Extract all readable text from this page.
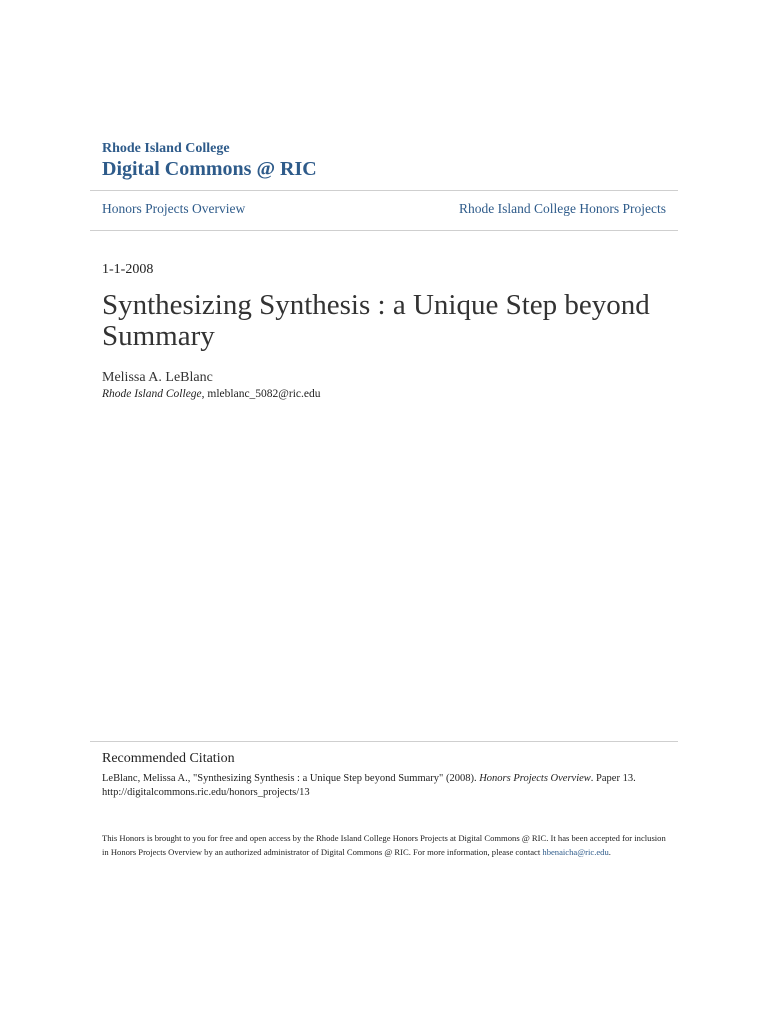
Rhode Island College
Digital Commons @ RIC
Honors Projects Overview	Rhode Island College Honors Projects
1-1-2008
Synthesizing Synthesis : a Unique Step beyond Summary
Melissa A. LeBlanc
Rhode Island College, mleblanc_5082@ric.edu
Recommended Citation
LeBlanc, Melissa A., "Synthesizing Synthesis : a Unique Step beyond Summary" (2008). Honors Projects Overview. Paper 13.
http://digitalcommons.ric.edu/honors_projects/13
This Honors is brought to you for free and open access by the Rhode Island College Honors Projects at Digital Commons @ RIC. It has been accepted for inclusion in Honors Projects Overview by an authorized administrator of Digital Commons @ RIC. For more information, please contact hbenaicha@ric.edu.
